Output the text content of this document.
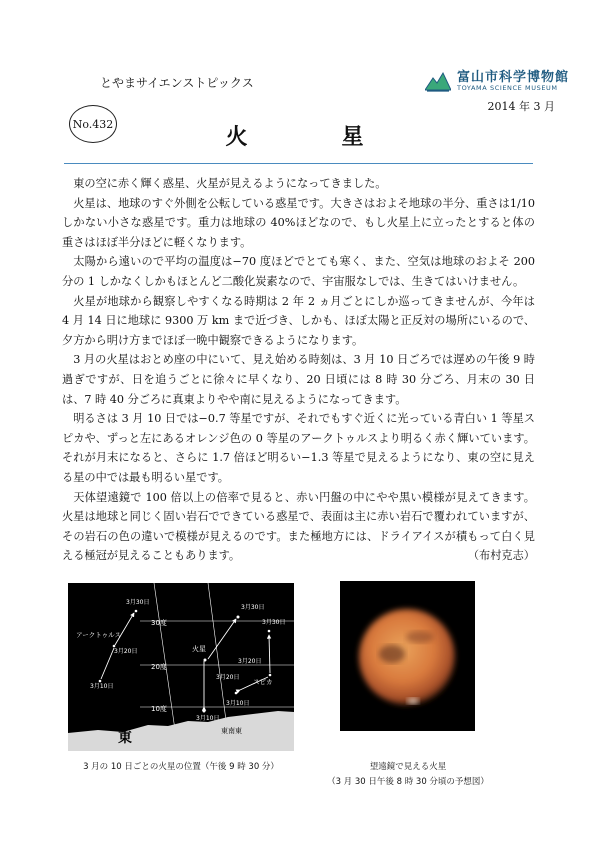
とやまサイエンストピックス	富山市科学博物館
TOYAMA SCIENCE MUSEUM
2014 年 3 月
No.432
火　星

東の空に赤く輝く惑星、火星が見えるようになってきました。

火星は、地球のすぐ外側を公転している惑星です。大きさはおよそ地球の半分、重さは1/10 しかない小さな惑星です。重力は地球の 40%ほどなので、もし火星上に立ったとすると体の重さはほぼ半分ほどに軽くなります。

太陽から遠いので平均の温度は−70 度ほどでとても寒く、また、空気は地球のおよそ 200 分の 1 しかなくしかもほとんど二酸化炭素なので、宇宙服なしでは、生きてはいけません。

火星が地球から観察しやすくなる時期は 2 年 2 ヵ月ごとにしか巡ってきませんが、今年は 4 月 14 日に地球に 9300 万 km まで近づき、しかも、ほぼ太陽と正反対の場所にいるので、夕方から明け方までほぼ一晩中観察できるようになります。

3 月の火星はおとめ座の中にいて、見え始める時刻は、3 月 10 日ごろでは遅めの午後 9 時過ぎですが、日を追うごとに徐々に早くなり、20 日頃には 8 時 30 分ごろ、月末の 30 日は、7 時 40 分ごろに真東よりやや南に見えるようになってきます。

明るさは 3 月 10 日では−0.7 等星ですが、それでもすぐ近くに光っている青白い 1 等星スピカや、ずっと左にあるオレンジ色の 0 等星のアークトゥルスより明るく赤く輝いています。それが月末になると、さらに 1.7 倍ほど明るい−1.3 等星で見えるようになり、東の空に見える星の中では最も明るい星です。

天体望遠鏡で 100 倍以上の倍率で見ると、赤い円盤の中にやや黒い模様が見えてきます。火星は地球と同じく固い岩石でできている惑星で、表面は主に赤い岩石で覆われていますが、その岩石の色の違いで模様が見えるのです。また極地方には、ドライアイスが積もって白く見える極冠が見えることもあります。	（布村克志）

30度
20度
10度
東	東南東
アークトゥルス
3月30日
3月20日
3月10日
火星
3月30日
3月20日
3月10日
スピカ
3月30日
3月20日
3月10日
3 月の 10 日ごとの火星の位置（午後 9 時 30 分）	望遠鏡で見える火星
（3 月 30 日午後 8 時 30 分頃の予想図）
